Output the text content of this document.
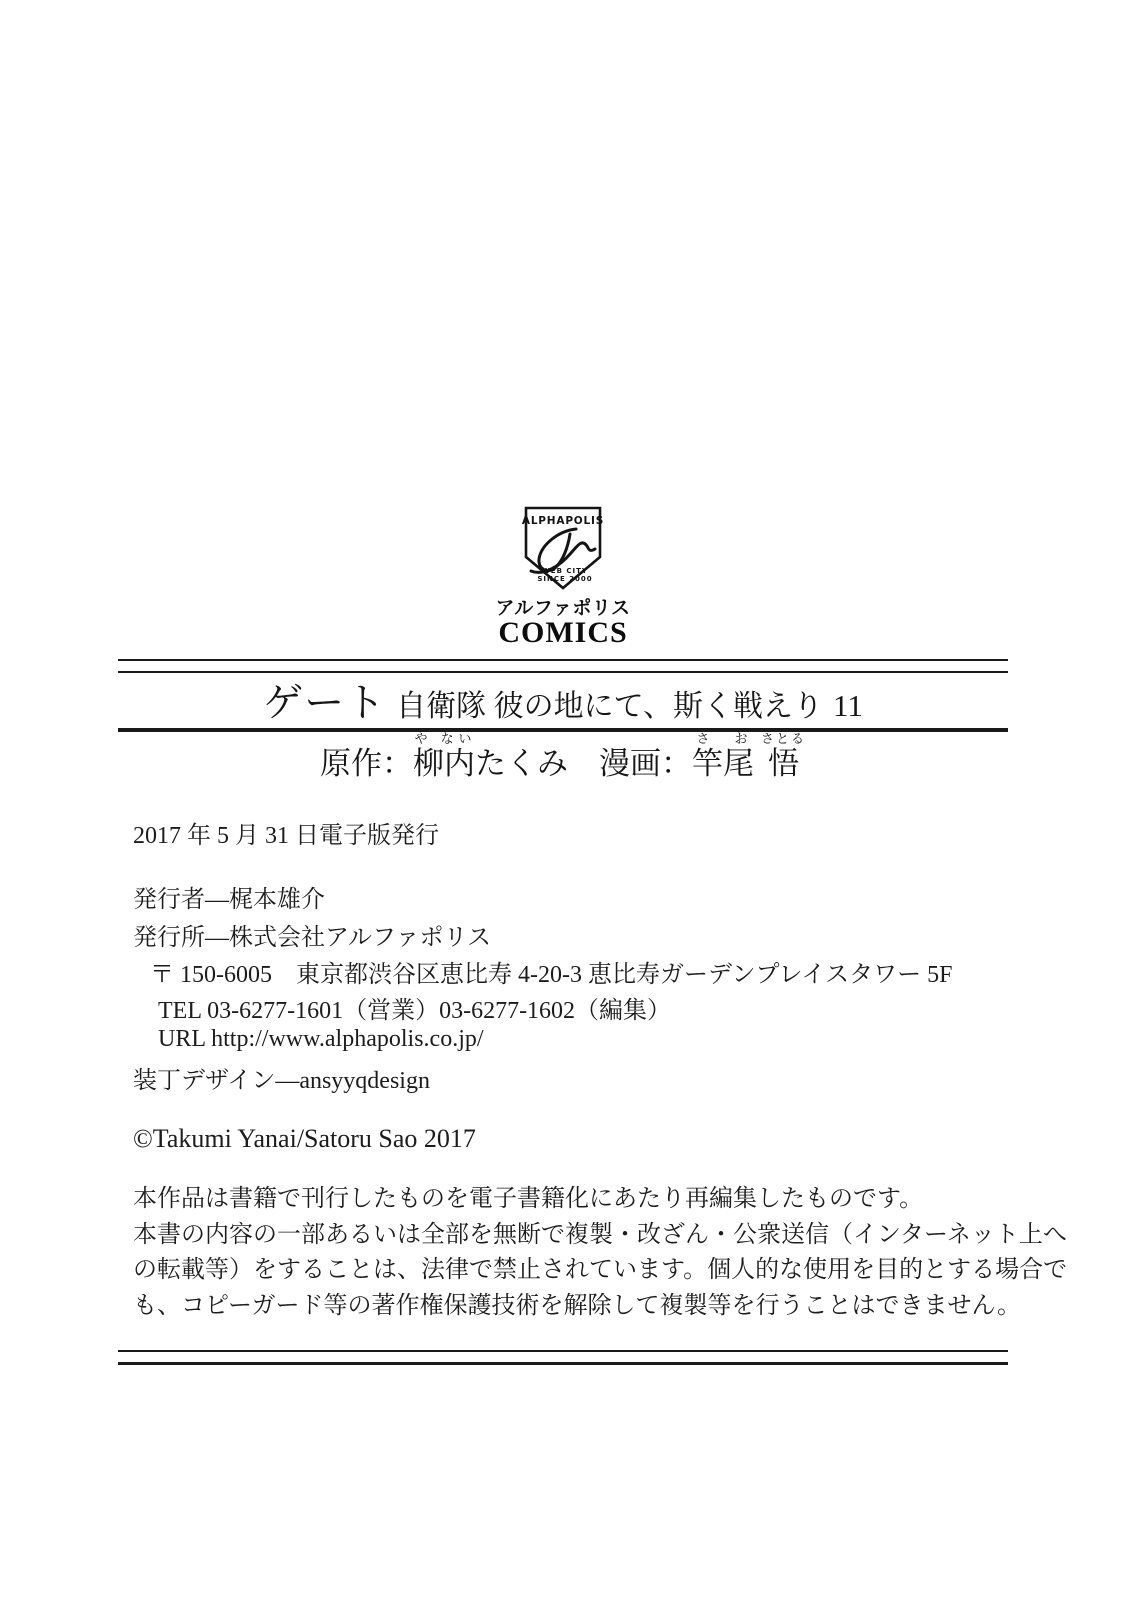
ALPHAPOLIS
WEB CITY
SINCE 2000
アルファポリス
COMICS
ゲート 自衛隊 彼の地にて、斯く戦えり 11
原作：柳内や ないたくみ　 漫画：竿尾さ お悟さとる
2017 年 5 月 31 日電子版発行
発行者—梶本雄介
発行所—株式会社アルファポリス
〒 150-6005　東京都渋谷区恵比寿 4-20-3 恵比寿ガーデンプレイスタワー 5F
TEL 03-6277-1601（営業）03-6277-1602（編集）
URL http://www.alphapolis.co.jp/
装丁デザイン—ansyyqdesign
©Takumi Yanai/Satoru Sao 2017
本作品は書籍で刊行したものを電子書籍化にあたり再編集したものです。
本書の内容の一部あるいは全部を無断で複製・改ざん・公衆送信（インターネット上へ
の転載等）をすることは、法律で禁止されています。個人的な使用を目的とする場合で
も、コピーガード等の著作権保護技術を解除して複製等を行うことはできません。
